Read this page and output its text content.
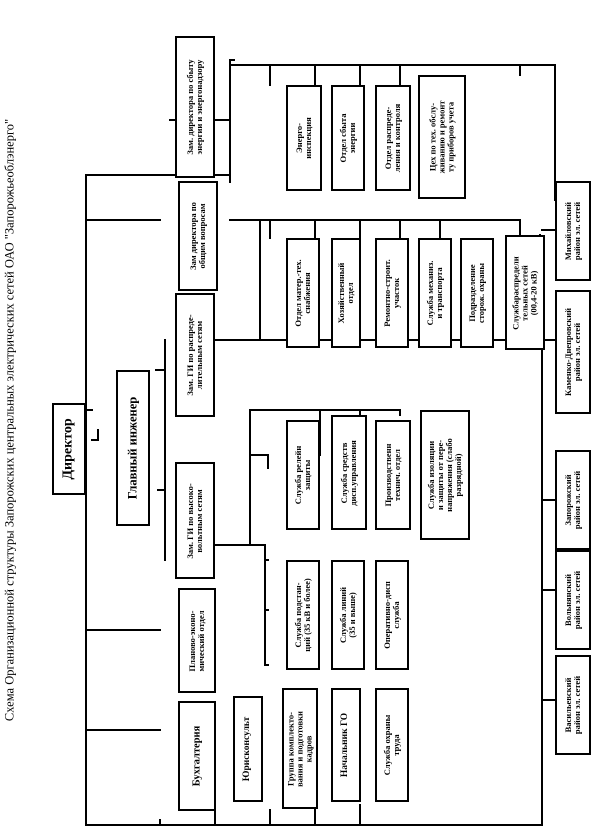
Схема Организационной структуры Запорожских центральных электрических сетей ОАО "Запорожьеоблэнерго"	Директор	Главный инженер
Зам. директора по сбыту
энергии и энергонадзору
Зам директора по
общим вопросам
Зам. ГИ по распреде-
лительным сетям
Зам. ГИ по высоко-
вольтным сетям
Планово-эконо-
мический отдел
Бухгалтерия	Юрисконсульт	Группа комплекто-
вания и подготовки
кадров	Начальник ГО	Служба охраны
труда
Служба подстан-
ций (35 кВ и более)
Служба линий
(35 и выше)	Оперативно-дисп
служба
Служба релейн
защиты	Служба средств
дисп.управления	Производственн
технич. отдел
Служба изоляции
и защиты от пере-
напряжения (слабо
разрядной)
Отдел матер.-тех.
снабжения	Хозяйственный
отдел	Ремонтно-строит.
участок
Служба механиз.
и транспорта	Подразделение
сторож. охраны	Службараспредели
тельных сетей
(00,4-20 кВ)
Энерго-
инспекция	Отдел сбыта
энергии
Отдел распреде-
ления и контроля
Цех по тех. обслу-
живанию и ремонт
ту приборов учета
Михайловский
район эл. сетей
Каменко-Днепровский
район эл. сетей
Запорожский
район эл. сетей
Вольнянский
район эл. сетей
Васильевский
район эл. сетей
